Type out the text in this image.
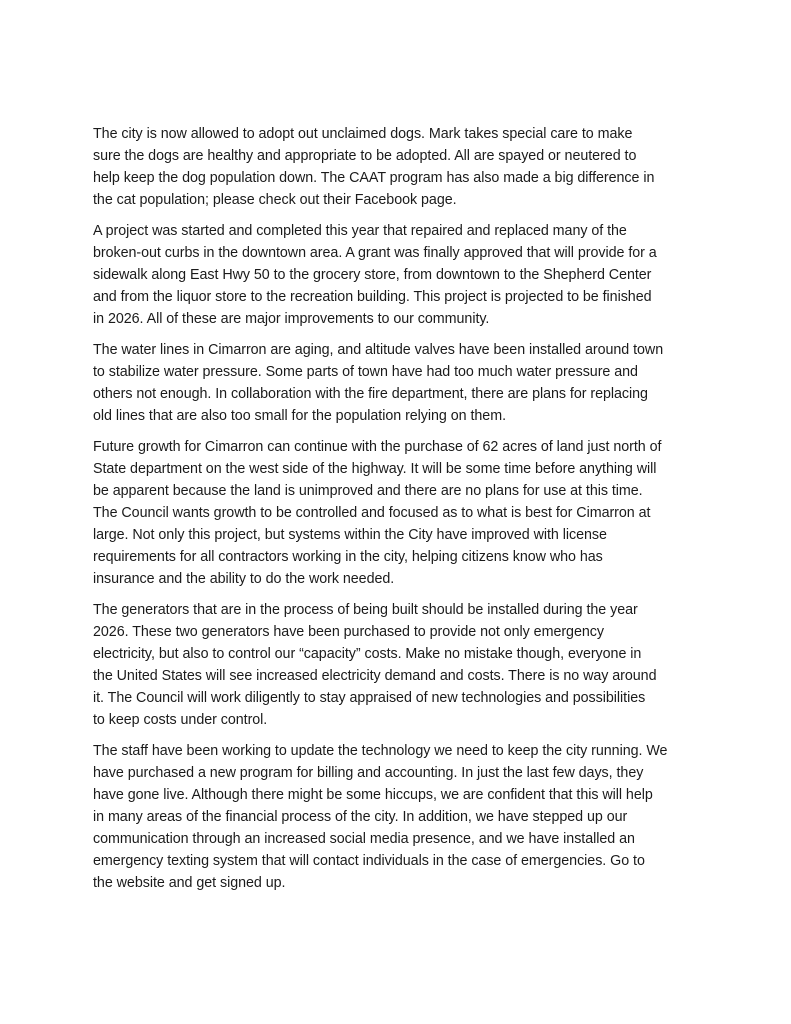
The city is now allowed to adopt out unclaimed dogs. Mark takes special care to make
sure the dogs are healthy and appropriate to be adopted. All are spayed or neutered to
help keep the dog population down. The CAAT program has also made a big difference in
the cat population; please check out their Facebook page.

A project was started and completed this year that repaired and replaced many of the
broken-out curbs in the downtown area. A grant was finally approved that will provide for a
sidewalk along East Hwy 50 to the grocery store, from downtown to the Shepherd Center
and from the liquor store to the recreation building. This project is projected to be finished
in 2026. All of these are major improvements to our community.

The water lines in Cimarron are aging, and altitude valves have been installed around town
to stabilize water pressure. Some parts of town have had too much water pressure and
others not enough. In collaboration with the fire department, there are plans for replacing
old lines that are also too small for the population relying on them.

Future growth for Cimarron can continue with the purchase of 62 acres of land just north of
State department on the west side of the highway. It will be some time before anything will
be apparent because the land is unimproved and there are no plans for use at this time.
The Council wants growth to be controlled and focused as to what is best for Cimarron at
large. Not only this project, but systems within the City have improved with license
requirements for all contractors working in the city, helping citizens know who has
insurance and the ability to do the work needed.

The generators that are in the process of being built should be installed during the year
2026. These two generators have been purchased to provide not only emergency
electricity, but also to control our “capacity” costs. Make no mistake though, everyone in
the United States will see increased electricity demand and costs. There is no way around
it. The Council will work diligently to stay appraised of new technologies and possibilities
to keep costs under control.

The staff have been working to update the technology we need to keep the city running. We
have purchased a new program for billing and accounting. In just the last few days, they
have gone live. Although there might be some hiccups, we are confident that this will help
in many areas of the financial process of the city. In addition, we have stepped up our
communication through an increased social media presence, and we have installed an
emergency texting system that will contact individuals in the case of emergencies. Go to
the website and get signed up.
